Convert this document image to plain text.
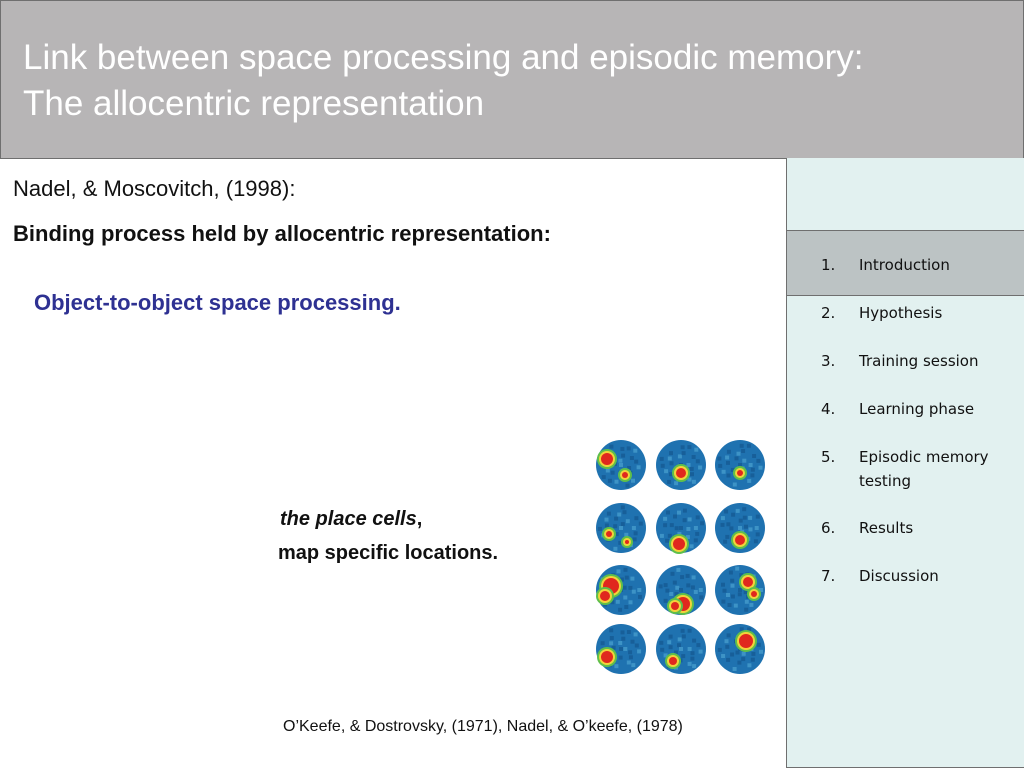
Link between space processing and episodic memory:
The allocentric representation
Nadel, & Moscovitch, (1998):
Binding process held by allocentric representation:
Object-to-object space processing.
the place cells,
map specific locations.
O’Keefe, & Dostrovsky, (1971), Nadel, & O’keefe, (1978)
1. Introduction
2. Hypothesis
3. Training session
4. Learning phase
5. Episodic memory testing
6. Results
7. Discussion
